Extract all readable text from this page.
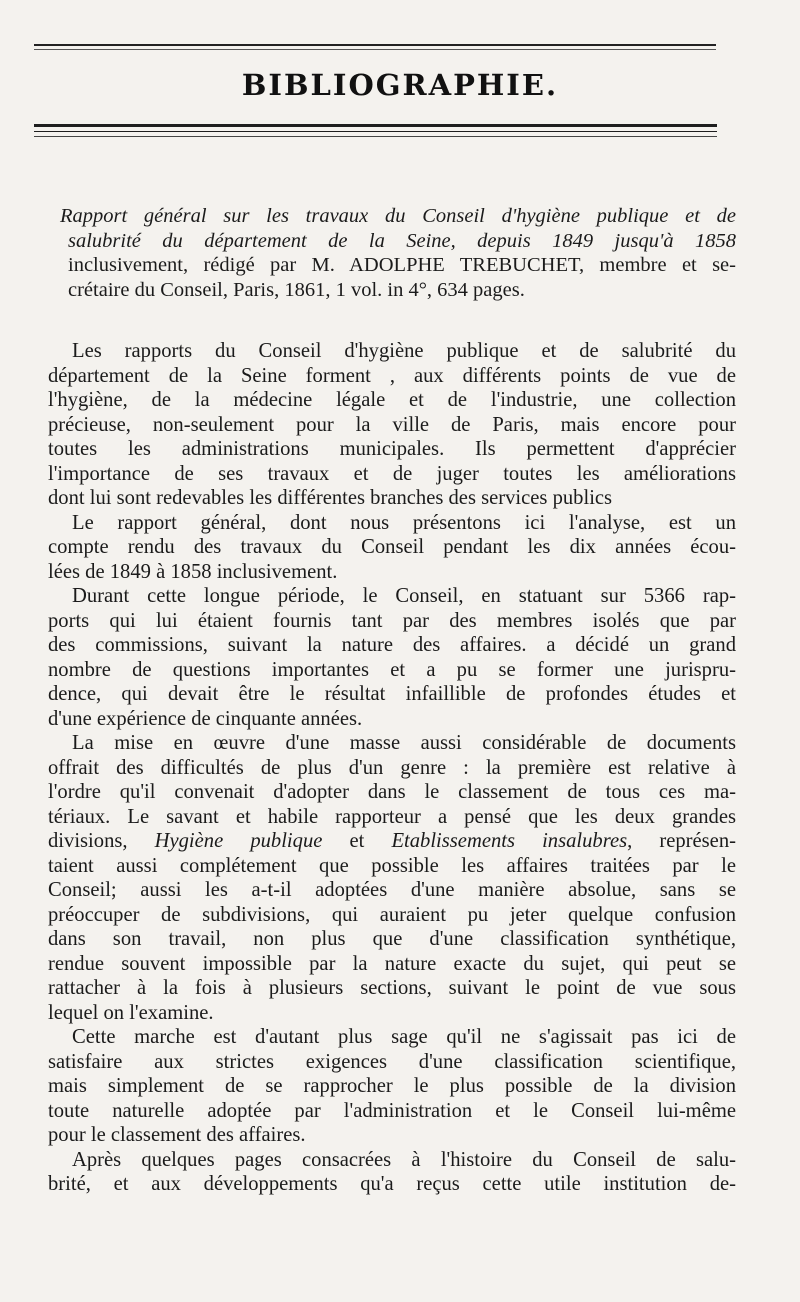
BIBLIOGRAPHIE.
Rapport général sur les travaux du Conseil d'hygiène publique et de
salubrité du département de la Seine, depuis 1849 jusqu'à 1858
inclusivement, rédigé par M. ADOLPHE TREBUCHET, membre et se-
crétaire du Conseil, Paris, 1861, 1 vol. in 4°, 634 pages.
Les rapports du Conseil d'hygiène publique et de salubrité du
département de la Seine forment , aux différents points de vue de
l'hygiène, de la médecine légale et de l'industrie, une collection
précieuse, non-seulement pour la ville de Paris, mais encore pour
toutes les administrations municipales. Ils permettent d'apprécier
l'importance de ses travaux et de juger toutes les améliorations
dont lui sont redevables les différentes branches des services publics
Le rapport général, dont nous présentons ici l'analyse, est un
compte rendu des travaux du Conseil pendant les dix années écou-
lées de 1849 à 1858 inclusivement.
Durant cette longue période, le Conseil, en statuant sur 5366 rap-
ports qui lui étaient fournis tant par des membres isolés que par
des commissions, suivant la nature des affaires. a décidé un grand
nombre de questions importantes et a pu se former une jurispru-
dence, qui devait être le résultat infaillible de profondes études et
d'une expérience de cinquante années.
La mise en œuvre d'une masse aussi considérable de documents
offrait des difficultés de plus d'un genre : la première est relative à
l'ordre qu'il convenait d'adopter dans le classement de tous ces ma-
tériaux. Le savant et habile rapporteur a pensé que les deux grandes
divisions, Hygiène publique et Etablissements insalubres, représen-
taient aussi complétement que possible les affaires traitées par le
Conseil; aussi les a-t-il adoptées d'une manière absolue, sans se
préoccuper de subdivisions, qui auraient pu jeter quelque confusion
dans son travail, non plus que d'une classification synthétique,
rendue souvent impossible par la nature exacte du sujet, qui peut se
rattacher à la fois à plusieurs sections, suivant le point de vue sous
lequel on l'examine.
Cette marche est d'autant plus sage qu'il ne s'agissait pas ici de
satisfaire aux strictes exigences d'une classification scientifique,
mais simplement de se rapprocher le plus possible de la division
toute naturelle adoptée par l'administration et le Conseil lui-même
pour le classement des affaires.
Après quelques pages consacrées à l'histoire du Conseil de salu-
brité, et aux développements qu'a reçus cette utile institution de-
